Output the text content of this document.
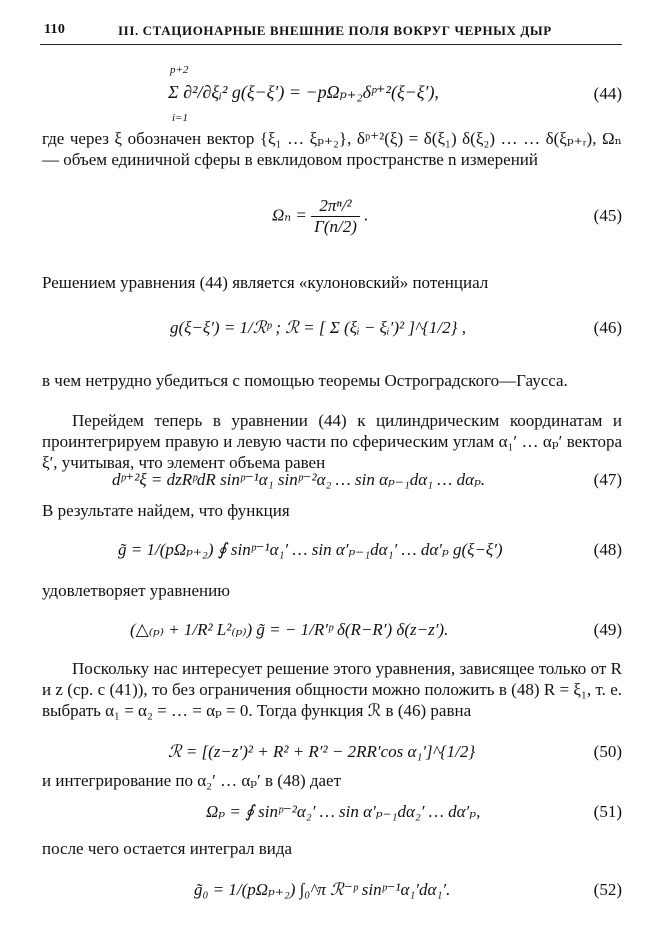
110	III. СТАЦИОНАРНЫЕ ВНЕШНИЕ ПОЛЯ ВОКРУГ ЧЕРНЫХ ДЫР
p+2
i=1
Σ ∂²/∂ξᵢ² g(ξ−ξ′) = −pΩₚ₊₂δᵖ⁺²(ξ−ξ′),	(44)
где через ξ обозначен вектор {ξ₁ … ξₚ₊₂}, δᵖ⁺²(ξ) = δ(ξ₁) δ(ξ₂) … … δ(ξₚ₊ᵣ), Ωₙ — объем единичной сферы в евклидовом пространстве n измерений
$\Omega_n = \frac{\text{2πⁿ/²}}{\Gamma(n/2)}$ .	(45)
Решением уравнения (44) является «кулоновский» потенциал
g(ξ−ξ′) = 1/ℛᵖ ; ℛ = [ Σ (ξᵢ − ξᵢ′)² ]^{1/2} ,	(46)
в чем нетрудно убедиться с помощью теоремы Остроградского—Гаусса.
Перейдем теперь в уравнении (44) к цилиндрическим координатам и проинтегрируем правую и левую части по сферическим углам α₁′ … αₚ′ вектора ξ′, учитывая, что элемент объема равен
dᵖ⁺²ξ = dzRᵖdR sinᵖ⁻¹α₁ sinᵖ⁻²α₂ … sin αₚ₋₁dα₁ … dαₚ.	(47)
В результате найдем, что функция
g̃ = 1/(pΩₚ₊₂) ∮ sinᵖ⁻¹α₁′ … sin α′ₚ₋₁dα₁′ … dα′ₚ g(ξ−ξ′)	(48)
удовлетворяет уравнению
(△₍ₚ₎ + 1/R² L²₍ₚ₎) g̃ = − 1/R′ᵖ δ(R−R′) δ(z−z′).	(49)
Поскольку нас интересует решение этого уравнения, зависящее только от R и z (ср. с (41)), то без ограничения общности можно положить в (48) R = ξ₁, т. е. выбрать α₁ = α₂ = … = αₚ = 0. Тогда функция ℛ в (46) равна
ℛ = [(z−z′)² + R² + R′² − 2RR′cos α₁′]^{1/2}	(50)
и интегрирование по α₂′ … αₚ′ в (48) дает
Ωₚ = ∮ sinᵖ⁻²α₂′ … sin α′ₚ₋₁dα₂′ … dα′ₚ,	(51)
после чего остается интеграл вида
g̃₀ = 1/(pΩₚ₊₂) ∫₀^π ℛ⁻ᵖ sinᵖ⁻¹α₁′dα₁′.	(52)
